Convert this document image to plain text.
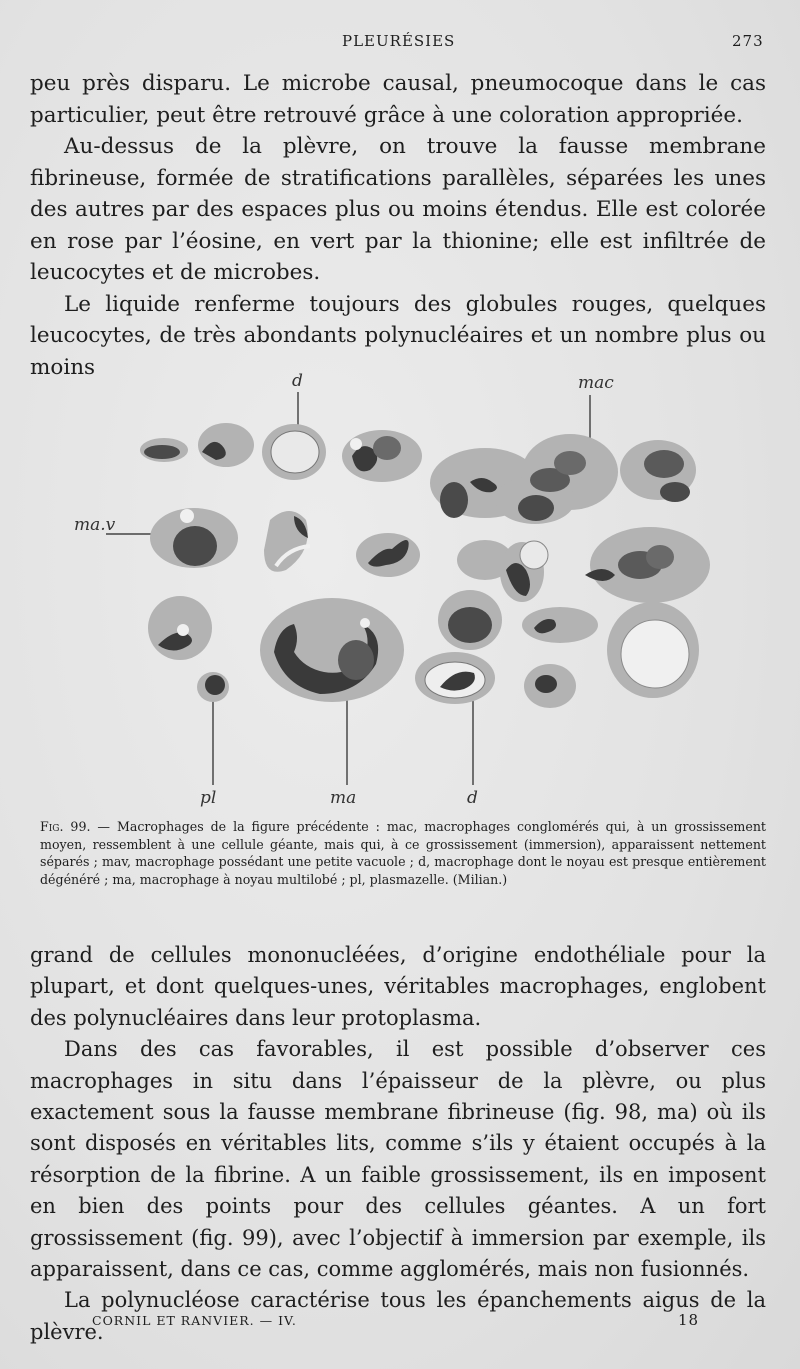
PLEURÉSIES	273

peu près disparu. Le microbe causal, pneumocoque dans le cas particulier, peut être retrouvé grâce à une coloration appropriée.

Au-dessus de la plèvre, on trouve la fausse membrane fibrineuse, formée de stratifications parallèles, séparées les unes des autres par des espaces plus ou moins étendus. Elle est colorée en rose par l’éosine, en vert par la thionine; elle est infiltrée de leucocytes et de microbes.

Le liquide renferme toujours des globules rouges, quelques leucocytes, de très abondants polynucléaires et un nombre plus ou moins

d	mac
ma.v
pl	ma	d
Fig. 99. — Macrophages de la figure précédente : mac, macrophages conglomérés qui, à un grossissement moyen, ressemblent à une cellule géante, mais qui, à ce grossissement (immersion), apparaissent nettement séparés ; mav, macrophage possédant une petite vacuole ; d, macrophage dont le noyau est presque entièrement dégénéré ; ma, macrophage à noyau multilobé ; pl, plasmazelle. (Milian.)

grand de cellules mononucléées, d’origine endothéliale pour la plupart, et dont quelques-unes, véritables macrophages, englobent des polynucléaires dans leur protoplasma.

Dans des cas favorables, il est possible d’observer ces macrophages in situ dans l’épaisseur de la plèvre, ou plus exactement sous la fausse membrane fibrineuse (fig. 98, ma) où ils sont disposés en véritables lits, comme s’ils y étaient occupés à la résorption de la fibrine. A un faible grossissement, ils en imposent en bien des points pour des cellules géantes. A un fort grossissement (fig. 99), avec l’objectif à immersion par exemple, ils apparaissent, dans ce cas, comme agglomérés, mais non fusionnés.

La polynucléose caractérise tous les épanchements aigus de la plèvre.

CORNIL ET RANVIER. — IV.	18
